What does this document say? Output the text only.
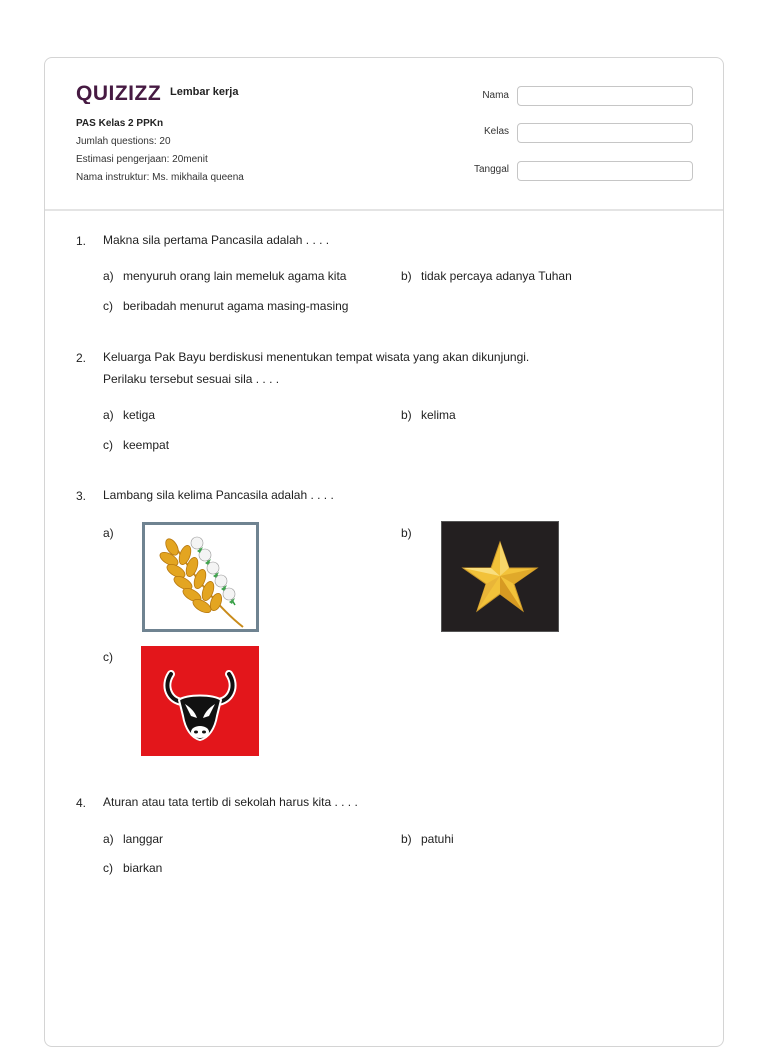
QUIZIZZ Lembar kerja
PAS Kelas 2 PPKn
Jumlah questions: 20
Estimasi pengerjaan: 20menit
Nama instruktur: Ms. mikhaila queena
Nama
Kelas
Tanggal
1. Makna sila pertama Pancasila adalah . . . .
a) menyuruh orang lain memeluk agama kita	b) tidak percaya adanya Tuhan
c) beribadah menurut agama masing-masing
2. Keluarga Pak Bayu berdiskusi menentukan tempat wisata yang akan dikunjungi.
Perilaku tersebut sesuai sila . . . .
a) ketiga	b) kelima
c) keempat
3. Lambang sila kelima Pancasila adalah . . . .
a)	b)
c)
4. Aturan atau tata tertib di sekolah harus kita . . . .
a) langgar	b) patuhi
c) biarkan
